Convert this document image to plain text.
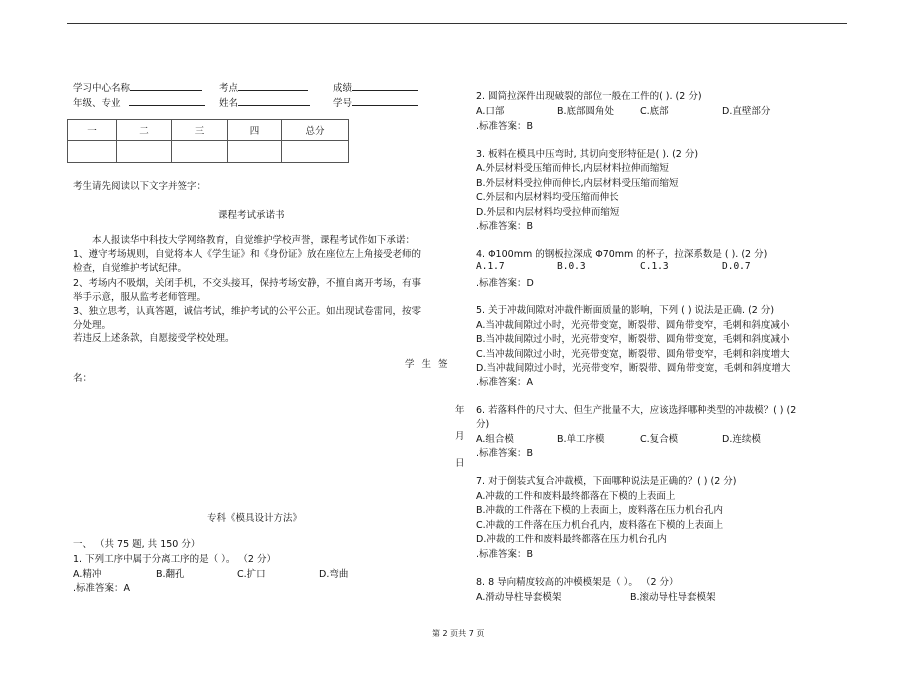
学习中心名称	考点	成绩
年级、专业	姓名	学号
一	二	三	四	总分

考生请先阅读以下文字并签字：
课程考试承诺书
本人报读华中科技大学网络教育，自觉维护学校声誉，课程考试作如下承诺：
1、遵守考场规则，自觉将本人《学生证》和《身份证》放在座位左上角接受老师的
检查，自觉维护考试纪律。
2、考场内不吸烟，关闭手机，不交头接耳，保持考场安静，不擅自离开考场，有事
举手示意，服从监考老师管理。
3、独立思考，认真答题，诚信考试，维护考试的公平公正。如出现试卷雷同，按零
分处理。
若违反上述条款，自愿接受学校处理。
学 生 签
名：
年
月
日
专科《模具设计方法》
一、 （共 75 题, 共 150 分）
1. 下列工序中属于分离工序的是（ ）。 （2 分）
A.精冲	B.翻孔	C.扩口	D.弯曲
.标准答案：A
2. 圆筒拉深件出现破裂的部位一般在工件的( ). (2 分)
A.口部	B.底部圆角处	C.底部	D.直壁部分
.标准答案：B
3. 板料在模具中压弯时, 其切向变形特征是( ). (2 分)
A.外层材料受压缩而伸长,内层材料拉伸而缩短
B.外层材料受拉伸而伸长,内层材料受压缩而缩短
C.外层和内层材料均受压缩而伸长
D.外层和内层材料均受拉伸而缩短
.标准答案：B
4. Φ100mm 的钢板拉深成 Φ70mm 的杯子，拉深系数是 ( ). (2 分)
A.1.7	B.0.3	C.1.3	D.0.7
.标准答案：D
5. 关于冲裁间隙对冲裁件断面质量的影响，下列 ( ) 说法是正确. (2 分)
A.当冲裁间隙过小时，光亮带变宽，断裂带、圆角带变窄，毛刺和斜度减小
B.当冲裁间隙过小时，光亮带变窄，断裂带、圆角带变宽，毛刺和斜度减小
C.当冲裁间隙过小时，光亮带变宽，断裂带、圆角带变窄，毛刺和斜度增大
D.当冲裁间隙过小时，光亮带变窄，断裂带、圆角带变宽，毛刺和斜度增大
.标准答案：A
6. 若落料件的尺寸大、但生产批量不大，应该选择哪种类型的冲裁模？( ) (2
分)
A.组合模	B.单工序模	C.复合模	D.连续模
.标准答案：B
7. 对于倒装式复合冲裁模，下面哪种说法是正确的？( ) (2 分)
A.冲裁的工件和废料最终都落在下模的上表面上
B.冲裁的工件落在下模的上表面上，废料落在压力机台孔内
C.冲裁的工件落在压力机台孔内，废料落在下模的上表面上
D.冲裁的工件和废料最终都落在压力机台孔内
.标准答案：B
8. 8 导向精度较高的冲模模架是（ ）。 （2 分）
A.滑动导柱导套模架	B.滚动导柱导套模架
第 2 页共 7 页
